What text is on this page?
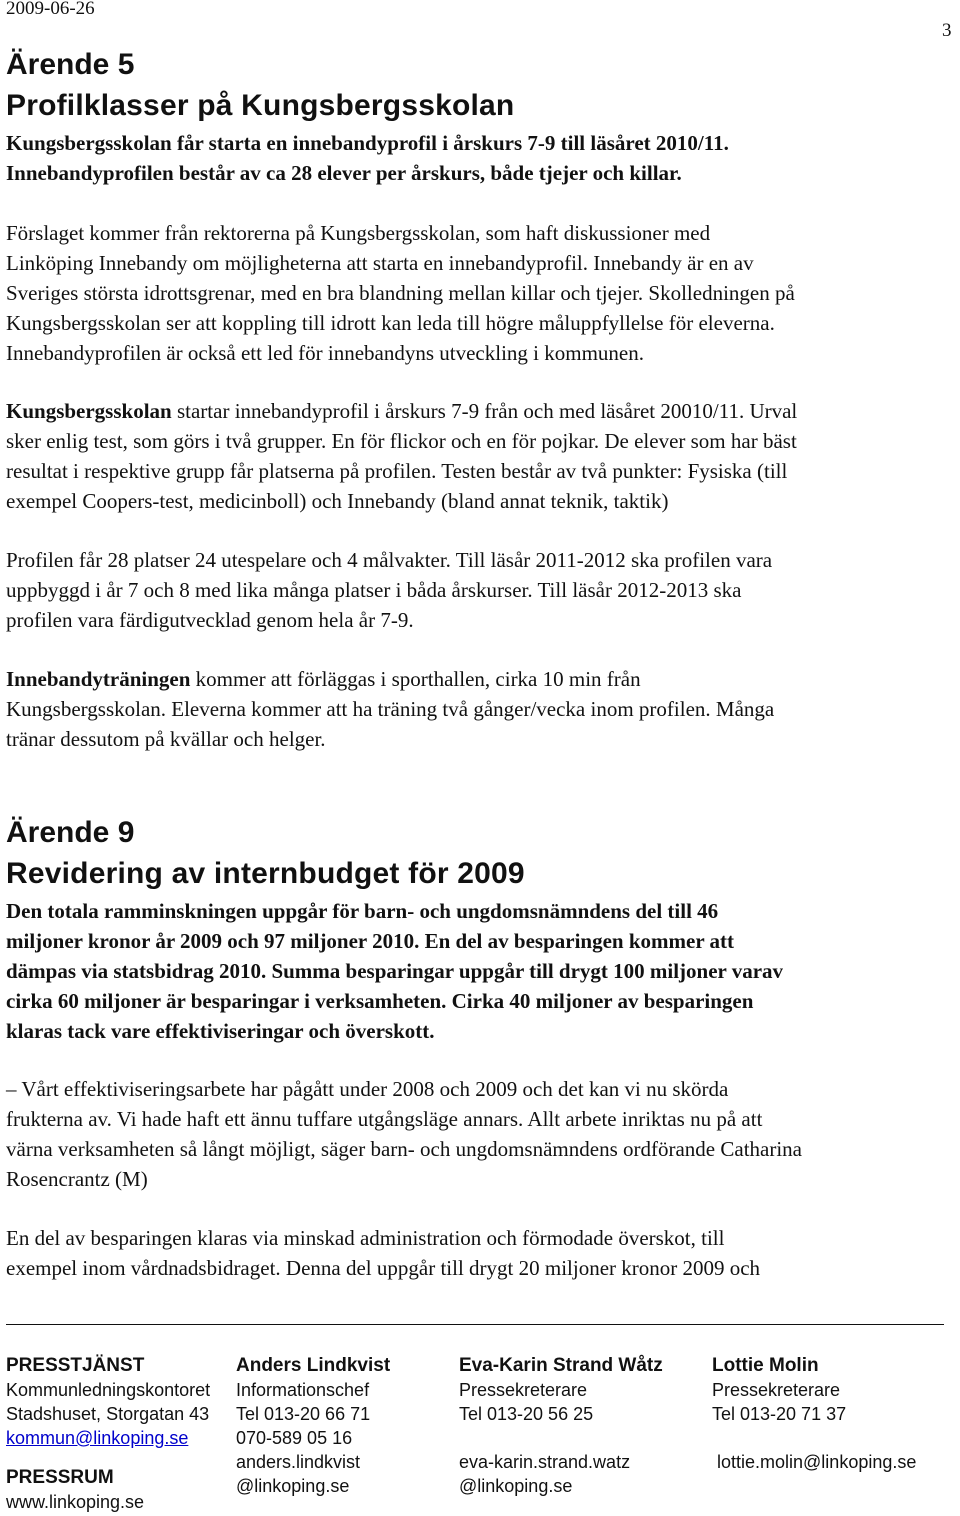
2009-06-26
3
Ärende 5
Profilklasser på Kungsbergsskolan
Kungsbergsskolan får starta en innebandyprofil i årskurs 7-9 till läsåret 2010/11.
Innebandyprofilen består av ca 28 elever per årskurs, både tjejer och killar.
Förslaget kommer från rektorerna på Kungsbergsskolan, som haft diskussioner med
Linköping Innebandy om möjligheterna att starta en innebandyprofil. Innebandy är en av
Sveriges största idrottsgrenar, med en bra blandning mellan killar och tjejer. Skolledningen på
Kungsbergsskolan ser att koppling till idrott kan leda till högre måluppfyllelse för eleverna.
Innebandyprofilen är också ett led för innebandyns utveckling i kommunen.
Kungsbergsskolan startar innebandyprofil i årskurs 7-9 från och med läsåret 20010/11. Urval
sker enlig test, som görs i två grupper. En för flickor och en för pojkar. De elever som har bäst
resultat i respektive grupp får platserna på profilen. Testen består av två punkter: Fysiska (till
exempel Coopers-test, medicinboll) och Innebandy (bland annat teknik, taktik)
Profilen får 28 platser 24 utespelare och 4 målvakter. Till läsår 2011-2012 ska profilen vara
uppbyggd i år 7 och 8 med lika många platser i båda årskurser. Till läsår 2012-2013 ska
profilen vara färdigutvecklad genom hela år 7-9.
Innebandyträningen kommer att förläggas i sporthallen, cirka 10 min från
Kungsbergsskolan. Eleverna kommer att ha träning två gånger/vecka inom profilen. Många
tränar dessutom på kvällar och helger.
Ärende 9
Revidering av internbudget för 2009
Den totala ramminskningen uppgår för barn- och ungdomsnämndens del till 46
miljoner kronor år 2009 och 97 miljoner 2010. En del av besparingen kommer att
dämpas via statsbidrag 2010. Summa besparingar uppgår till drygt 100 miljoner varav
cirka 60 miljoner är besparingar i verksamheten. Cirka 40 miljoner av besparingen
klaras tack vare effektiviseringar och överskott.
– Vårt effektiviseringsarbete har pågått under 2008 och 2009 och det kan vi nu skörda
frukterna av. Vi hade haft ett ännu tuffare utgångsläge annars. Allt arbete inriktas nu på att
värna verksamheten så långt möjligt, säger barn- och ungdomsnämndens ordförande Catharina
Rosencrantz (M)
En del av besparingen klaras via minskad administration och förmodade överskot, till
exempel inom vårdnadsbidraget. Denna del uppgår till drygt 20 miljoner kronor 2009 och
PRESSTJÄNST
Kommunledningskontoret
Stadshuset, Storgatan 43
kommun@linkoping.se
PRESSRUM
www.linkoping.se
Anders Lindkvist
Informationschef
Tel 013-20 66 71
070-589 05 16
anders.lindkvist
@linkoping.se
Eva-Karin Strand Wåtz
Pressekreterare
Tel 013-20 56 25
eva-karin.strand.watz
@linkoping.se
Lottie Molin
Pressekreterare
Tel 013-20 71 37
lottie.molin@linkoping.se
